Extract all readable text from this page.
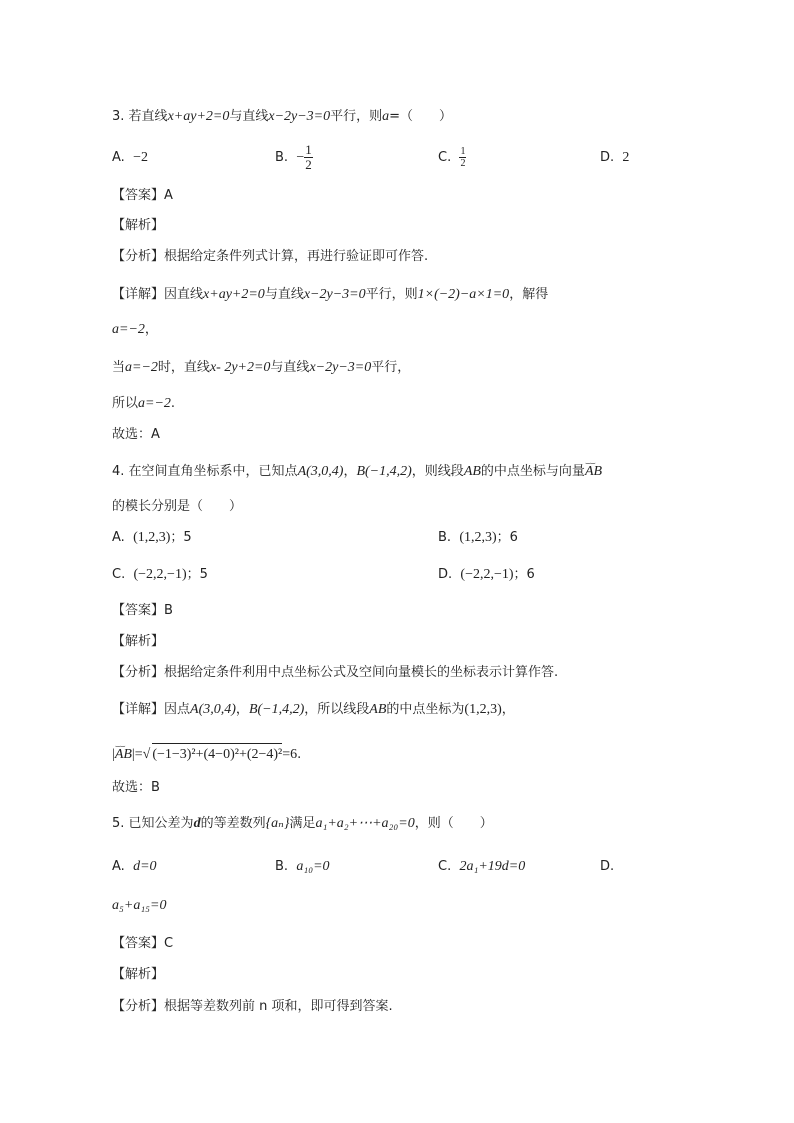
3. 若直线x+ay+2=0与直线x−2y−3=0平行，则a=（　　）
A. −2	B. − $\frac{1}{2}$	C. $\frac{1}{2}$	D. 2
【答案】A
【解析】
【分析】根据给定条件列式计算，再进行验证即可作答.
【详解】因直线x+ay+2=0与直线x−2y−3=0平行，则1×(−2)−a×1=0，解得
a=−2，
当a=−2时，直线x- 2y+2=0与直线x−2y−3=0平行，
所以a=−2.
故选：A
4. 在空间直角坐标系中，已知点A(3,0,4)，B(−1,4,2)，则线段AB的中点坐标与向量⌣⌣ AB
的模长分别是（　　）
A. (1,2,3)；5	B. (1,2,3)；6
C. (−2,2,−1)；5	D. (−2,2,−1)；6
【答案】B
【解析】
【分析】根据给定条件利用中点坐标公式及空间向量模长的坐标表示计算作答.
【详解】因点A(3,0,4)，B(−1,4,2)，所以线段AB的中点坐标为(1,2,3)，
|⌣⌣ AB|=√ (−1−3)²+(4−0)²+(2−4)²=6.
故选：B
5. 已知公差为d的等差数列{aₙ}满足a₁+a₂+⋯+a₂₀=0，则（　　）
A. d=0	B. a₁₀=0	C. 2a₁+19d=0	D.
a₅+a₁₅=0
【答案】C
【解析】
【分析】根据等差数列前 n 项和，即可得到答案.
